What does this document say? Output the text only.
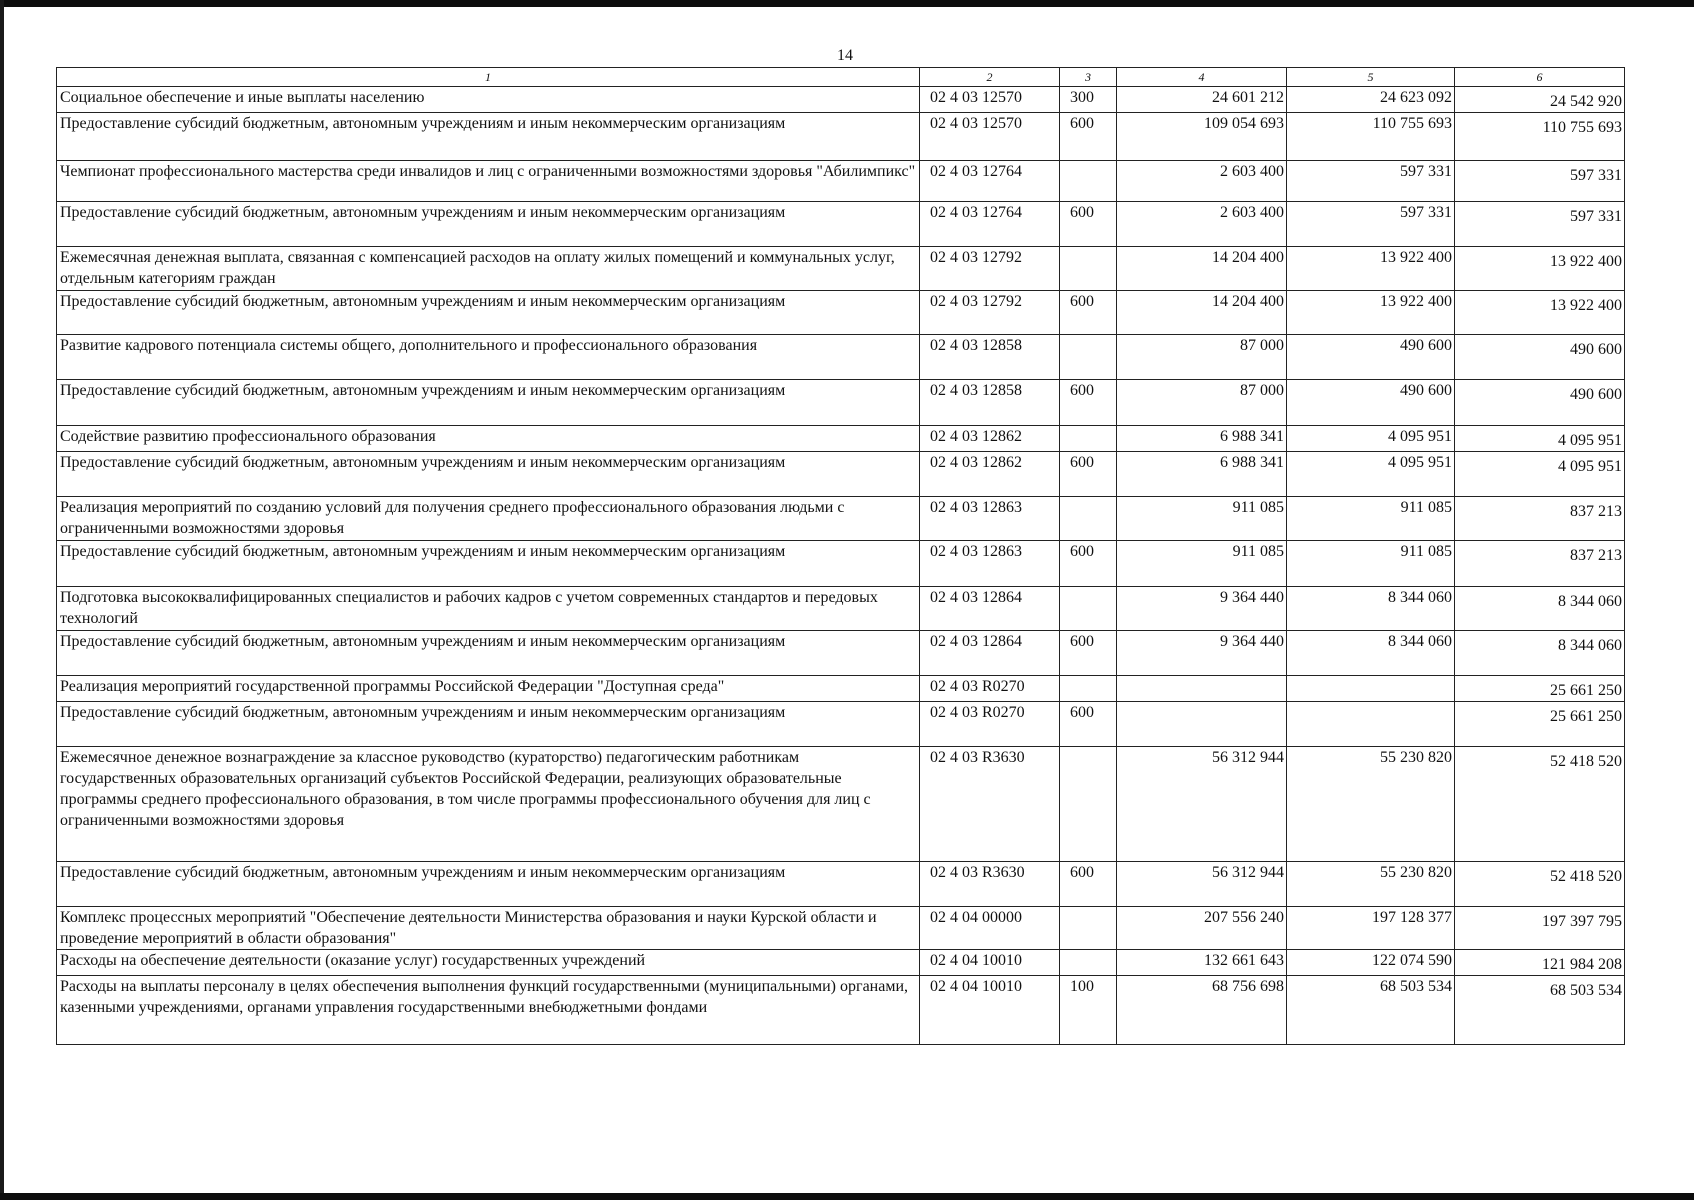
14
1	2	3	4	5	6
Социальное обеспечение и иные выплаты населению	02 4 03 12570	300	24 601 212	24 623 092	24 542 920
Предоставление субсидий бюджетным, автономным учреждениям и иным некоммерческим организациям	02 4 03 12570	600	109 054 693	110 755 693	110 755 693
Чемпионат профессионального мастерства среди инвалидов и лиц с ограниченными возможностями здоровья "Абилимпикс"	02 4 03 12764		2 603 400	597 331	597 331
Предоставление субсидий бюджетным, автономным учреждениям и иным некоммерческим организациям	02 4 03 12764	600	2 603 400	597 331	597 331
Ежемесячная денежная выплата, связанная с компенсацией расходов на оплату жилых помещений и коммунальных услуг, отдельным категориям граждан	02 4 03 12792		14 204 400	13 922 400	13 922 400
Предоставление субсидий бюджетным, автономным учреждениям и иным некоммерческим организациям	02 4 03 12792	600	14 204 400	13 922 400	13 922 400
Развитие кадрового потенциала системы общего, дополнительного и профессионального образования	02 4 03 12858		87 000	490 600	490 600
Предоставление субсидий бюджетным, автономным учреждениям и иным некоммерческим организациям	02 4 03 12858	600	87 000	490 600	490 600
Содействие развитию профессионального образования	02 4 03 12862		6 988 341	4 095 951	4 095 951
Предоставление субсидий бюджетным, автономным учреждениям и иным некоммерческим организациям	02 4 03 12862	600	6 988 341	4 095 951	4 095 951
Реализация мероприятий по созданию условий для получения среднего профессионального образования людьми с ограниченными возможностями здоровья	02 4 03 12863		911 085	911 085	837 213
Предоставление субсидий бюджетным, автономным учреждениям и иным некоммерческим организациям	02 4 03 12863	600	911 085	911 085	837 213
Подготовка высококвалифицированных специалистов и рабочих кадров с учетом современных стандартов и передовых технологий	02 4 03 12864		9 364 440	8 344 060	8 344 060
Предоставление субсидий бюджетным, автономным учреждениям и иным некоммерческим организациям	02 4 03 12864	600	9 364 440	8 344 060	8 344 060
Реализация мероприятий государственной программы Российской Федерации "Доступная среда"	02 4 03 R0270				25 661 250
Предоставление субсидий бюджетным, автономным учреждениям и иным некоммерческим организациям	02 4 03 R0270	600			25 661 250
Ежемесячное денежное вознаграждение за классное руководство (кураторство) педагогическим работникам государственных образовательных организаций субъектов Российской Федерации, реализующих образовательные программы среднего профессионального образования, в том числе программы профессионального обучения для лиц с ограниченными возможностями здоровья	02 4 03 R3630		56 312 944	55 230 820	52 418 520
Предоставление субсидий бюджетным, автономным учреждениям и иным некоммерческим организациям	02 4 03 R3630	600	56 312 944	55 230 820	52 418 520
Комплекс процессных мероприятий "Обеспечение деятельности Министерства образования и науки Курской области и проведение мероприятий в области образования"	02 4 04 00000		207 556 240	197 128 377	197 397 795
Расходы на обеспечение деятельности (оказание услуг) государственных учреждений	02 4 04 10010		132 661 643	122 074 590	121 984 208
Расходы на выплаты персоналу в целях обеспечения выполнения функций государственными (муниципальными) органами, казенными учреждениями, органами управления государственными внебюджетными фондами	02 4 04 10010	100	68 756 698	68 503 534	68 503 534
